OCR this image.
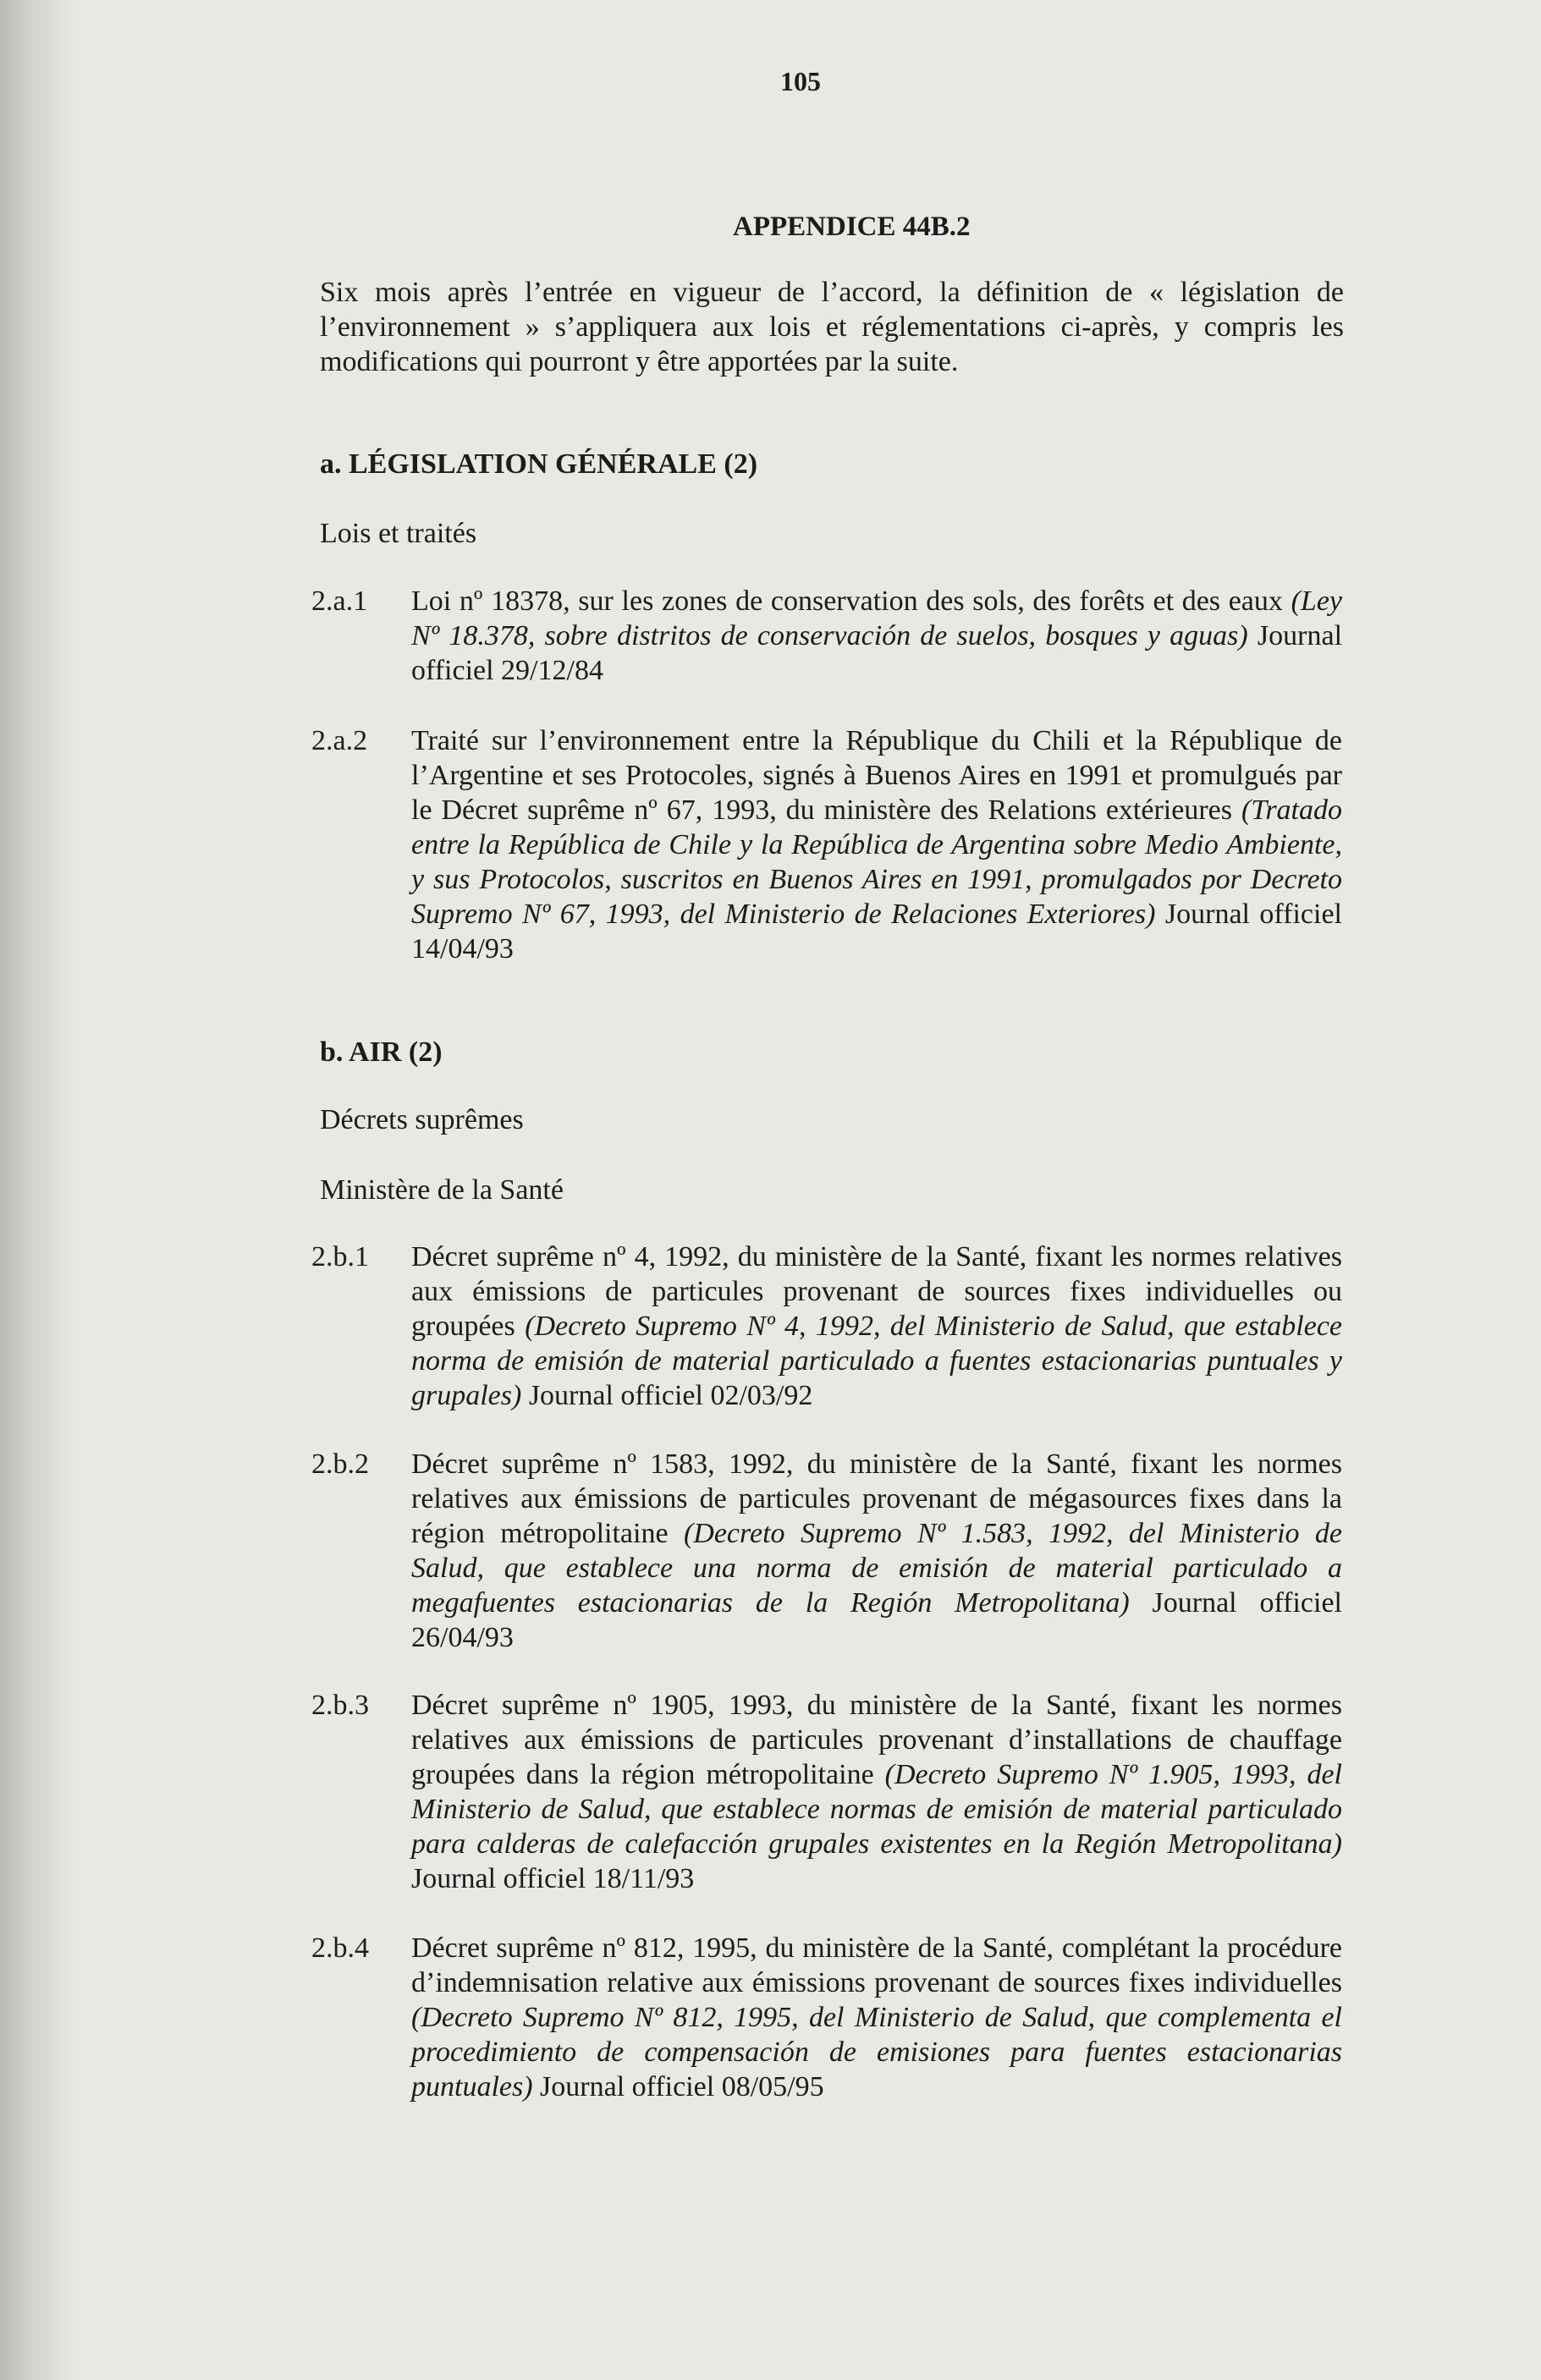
105
APPENDICE 44B.2
Six mois après l’entrée en vigueur de l’accord, la définition de « législation de l’environnement » s’appliquera aux lois et réglementations ci-après, y compris les modifications qui pourront y être apportées par la suite.
a. LÉGISLATION GÉNÉRALE (2)
Lois et traités
2.a.1 Loi nº 18378, sur les zones de conservation des sols, des forêts et des eaux (Ley Nº 18.378, sobre distritos de conservación de suelos, bosques y aguas) Journal officiel 29/12/84
2.a.2 Traité sur l’environnement entre la République du Chili et la République de l’Argentine et ses Protocoles, signés à Buenos Aires en 1991 et promulgués par le Décret suprême nº 67, 1993, du ministère des Relations extérieures (Tratado entre la República de Chile y la República de Argentina sobre Medio Ambiente, y sus Protocolos, suscritos en Buenos Aires en 1991, promulgados por Decreto Supremo Nº 67, 1993, del Ministerio de Relaciones Exteriores) Journal officiel 14/04/93
b. AIR (2)
Décrets suprêmes
Ministère de la Santé
2.b.1 Décret suprême nº 4, 1992, du ministère de la Santé, fixant les normes relatives aux émissions de particules provenant de sources fixes individuelles ou groupées (Decreto Supremo Nº 4, 1992, del Ministerio de Salud, que establece norma de emisión de material particulado a fuentes estacionarias puntuales y grupales) Journal officiel 02/03/92
2.b.2 Décret suprême nº 1583, 1992, du ministère de la Santé, fixant les normes relatives aux émissions de particules provenant de mégasources fixes dans la région métropolitaine (Decreto Supremo Nº 1.583, 1992, del Ministerio de Salud, que establece una norma de emisión de material particulado a megafuentes estacionarias de la Región Metropolitana) Journal officiel 26/04/93
2.b.3 Décret suprême nº 1905, 1993, du ministère de la Santé, fixant les normes relatives aux émissions de particules provenant d’installations de chauffage groupées dans la région métropolitaine (Decreto Supremo Nº 1.905, 1993, del Ministerio de Salud, que establece normas de emisión de material particulado para calderas de calefacción grupales existentes en la Región Metropolitana) Journal officiel 18/11/93
2.b.4 Décret suprême nº 812, 1995, du ministère de la Santé, complétant la procédure d’indemnisation relative aux émissions provenant de sources fixes individuelles (Decreto Supremo Nº 812, 1995, del Ministerio de Salud, que complementa el procedimiento de compensación de emisiones para fuentes estacionarias puntuales) Journal officiel 08/05/95
